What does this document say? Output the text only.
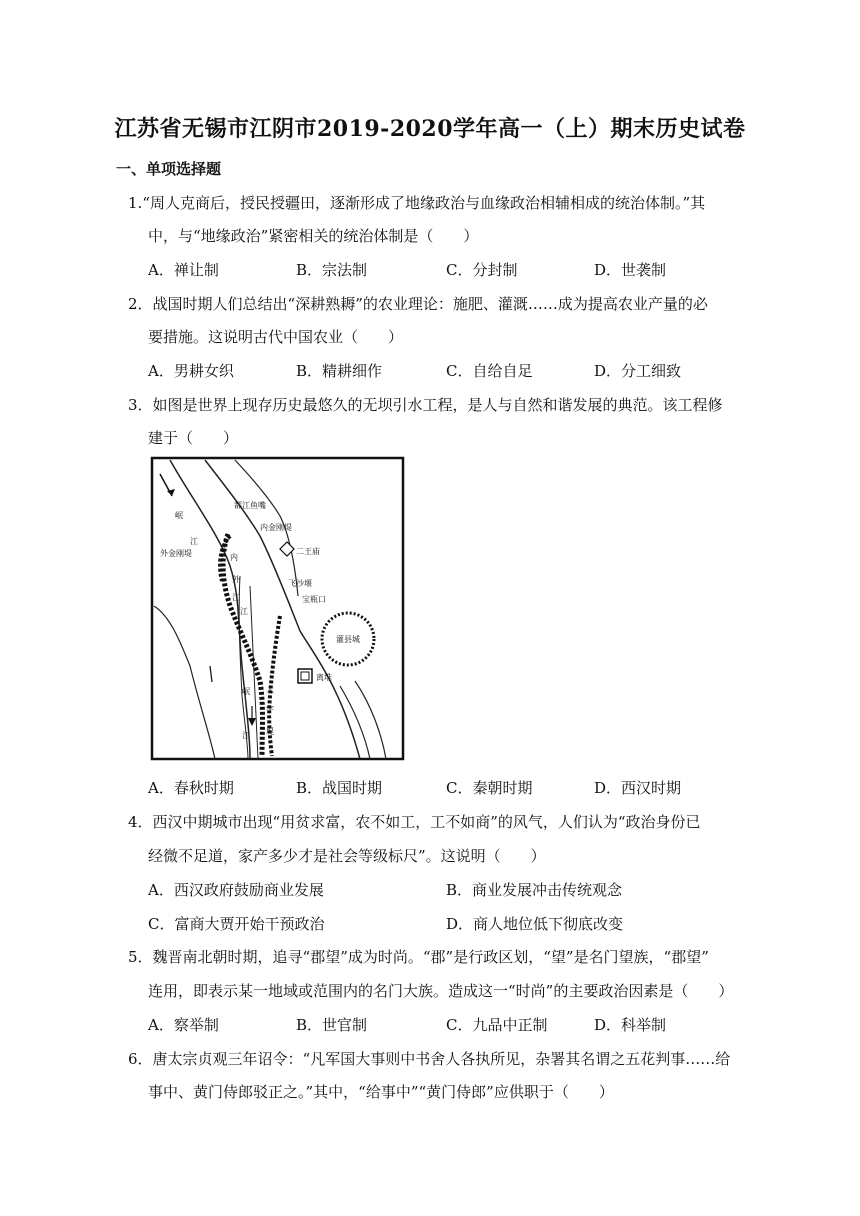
江苏省无锡市江阴市2019-2020学年高一（上）期末历史试卷
一、单项选择题
1.“周人克商后，授民授疆田，逐渐形成了地缘政治与血缘政治相辅相成的统治体制。”其
中，与“地缘政治”紧密相关的统治体制是（　　）
A．禅让制	B．宗法制	C．分封制	D．世袭制
2．战国时期人们总结出“深耕熟耨”的农业理论：施肥、灌溉……成为提高农业产量的必
要措施。这说明古代中国农业（　　）
A．男耕女织	B．精耕细作	C．自给自足	D．分工细致
3．如图是世界上现存历史最悠久的无坝引水工程，是人与自然和谐发展的典范。该工程修
建于（　　）
岷
江
都江鱼嘴
内金刚堤
外金刚堤	内
江
二王庙
飞沙堰
外
江	宝瓶口
灌县城
离堆
岷
江
人
字
堤
A．春秋时期	B．战国时期	C．秦朝时期	D．西汉时期
4．西汉中期城市出现“用贫求富，农不如工，工不如商”的风气，人们认为“政治身份已
经微不足道，家产多少才是社会等级标尺”。这说明（　　）
A．西汉政府鼓励商业发展	B．商业发展冲击传统观念
C．富商大贾开始干预政治	D．商人地位低下彻底改变
5．魏晋南北朝时期，追寻“郡望”成为时尚。“郡”是行政区划，“望”是名门望族，“郡望”
连用，即表示某一地域或范围内的名门大族。造成这一“时尚”的主要政治因素是（　　）
A．察举制	B．世官制	C．九品中正制	D．科举制
6．唐太宗贞观三年诏令：“凡军国大事则中书舍人各执所见，杂署其名谓之五花判事……给
事中、黄门侍郎驳正之。”其中，“给事中”“黄门侍郎”应供职于（　　）
